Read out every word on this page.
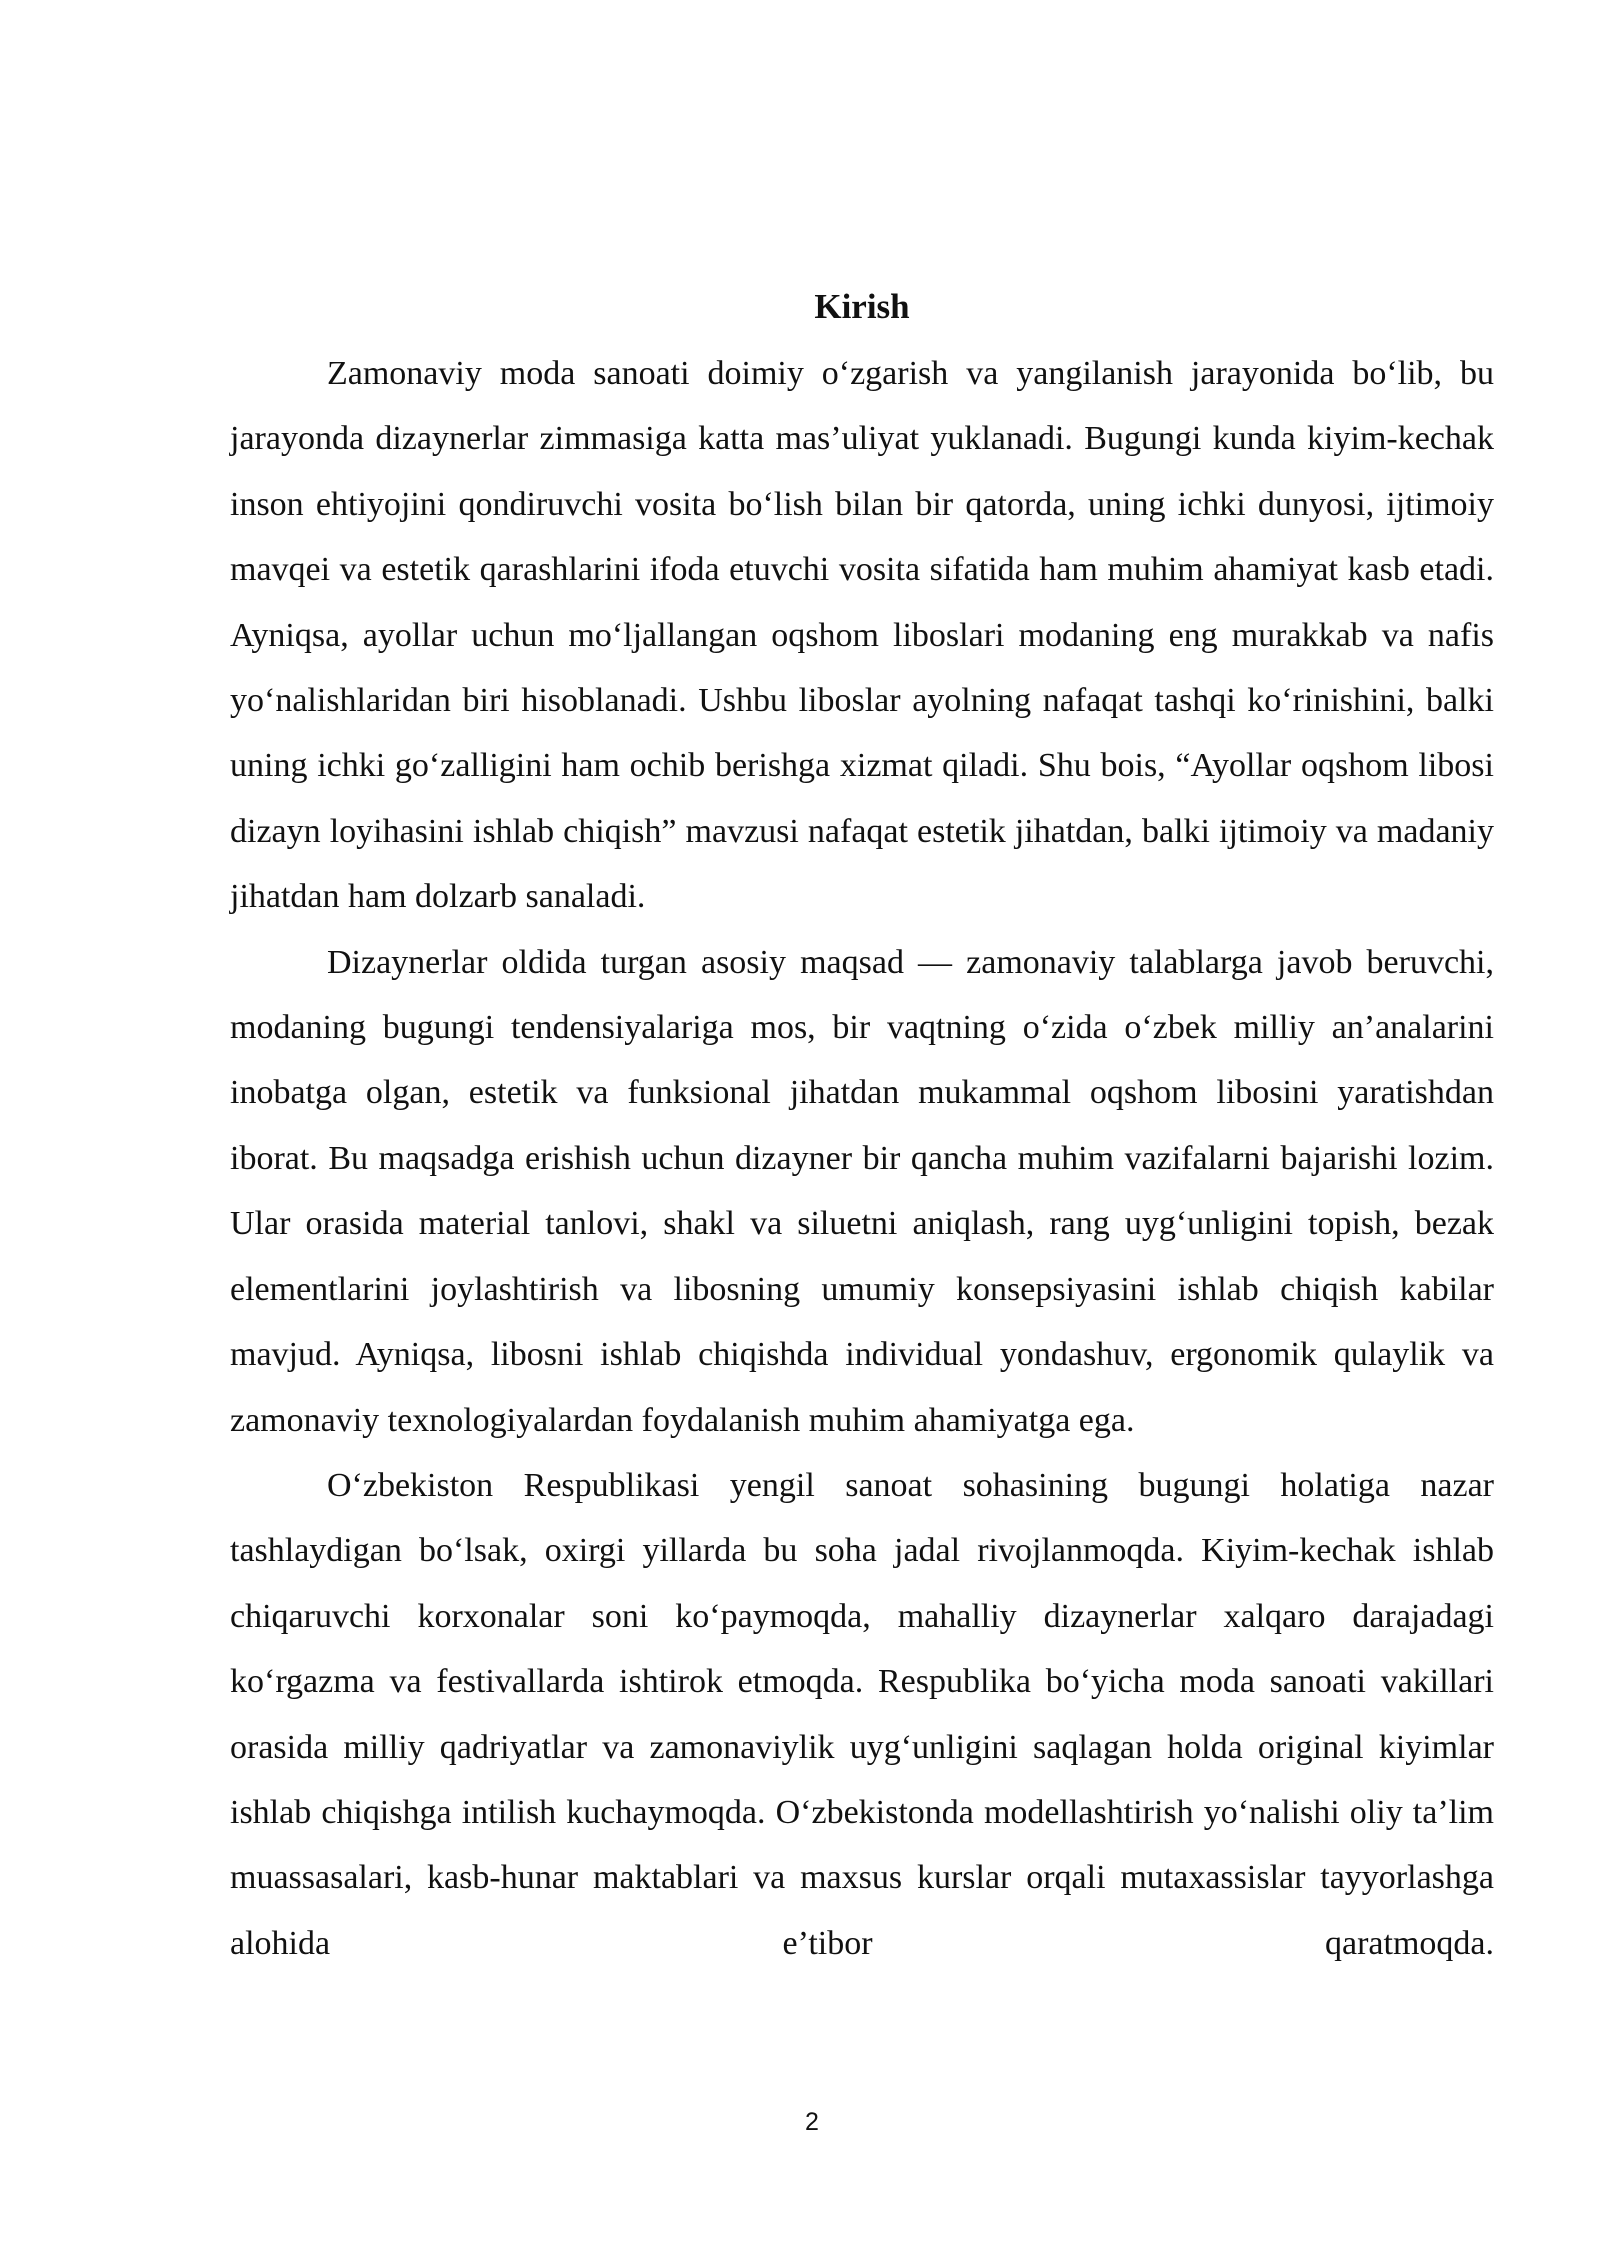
Kirish

Zamonaviy moda sanoati doimiy o‘zgarish va yangilanish jarayonida bo‘lib, bu jarayonda dizaynerlar zimmasiga katta mas’uliyat yuklanadi. Bugungi kunda kiyim-kechak inson ehtiyojini qondiruvchi vosita bo‘lish bilan bir qatorda, uning ichki dunyosi, ijtimoiy mavqei va estetik qarashlarini ifoda etuvchi vosita sifatida ham muhim ahamiyat kasb etadi. Ayniqsa, ayollar uchun mo‘ljallangan oqshom liboslari modaning eng murakkab va nafis yo‘nalishlaridan biri hisoblanadi. Ushbu liboslar ayolning nafaqat tashqi ko‘rinishini, balki uning ichki go‘zalligini ham ochib berishga xizmat qiladi. Shu bois, “Ayollar oqshom libosi dizayn loyihasini ishlab chiqish” mavzusi nafaqat estetik jihatdan, balki ijtimoiy va madaniy jihatdan ham dolzarb sanaladi.

Dizaynerlar oldida turgan asosiy maqsad — zamonaviy talablarga javob beruvchi, modaning bugungi tendensiyalariga mos, bir vaqtning o‘zida o‘zbek milliy an’analarini inobatga olgan, estetik va funksional jihatdan mukammal oqshom libosini yaratishdan iborat. Bu maqsadga erishish uchun dizayner bir qancha muhim vazifalarni bajarishi lozim. Ular orasida material tanlovi, shakl va siluetni aniqlash, rang uyg‘unligini topish, bezak elementlarini joylashtirish va libosning umumiy konsepsiyasini ishlab chiqish kabilar mavjud. Ayniqsa, libosni ishlab chiqishda individual yondashuv, ergonomik qulaylik va zamonaviy texnologiyalardan foydalanish muhim ahamiyatga ega.

O‘zbekiston Respublikasi yengil sanoat sohasining bugungi holatiga nazar tashlaydigan bo‘lsak, oxirgi yillarda bu soha jadal rivojlanmoqda. Kiyim-kechak ishlab chiqaruvchi korxonalar soni ko‘paymoqda, mahalliy dizaynerlar xalqaro darajadagi ko‘rgazma va festivallarda ishtirok etmoqda. Respublika bo‘yicha moda sanoati vakillari orasida milliy qadriyatlar va zamonaviylik uyg‘unligini saqlagan holda original kiyimlar ishlab chiqishga intilish kuchaymoqda. O‘zbekistonda modellashtirish yo‘nalishi oliy ta’lim muassasalari, kasb-hunar maktablari va maxsus kurslar orqali mutaxassislar tayyorlashga alohida e’tibor qaratmoqda.

2
